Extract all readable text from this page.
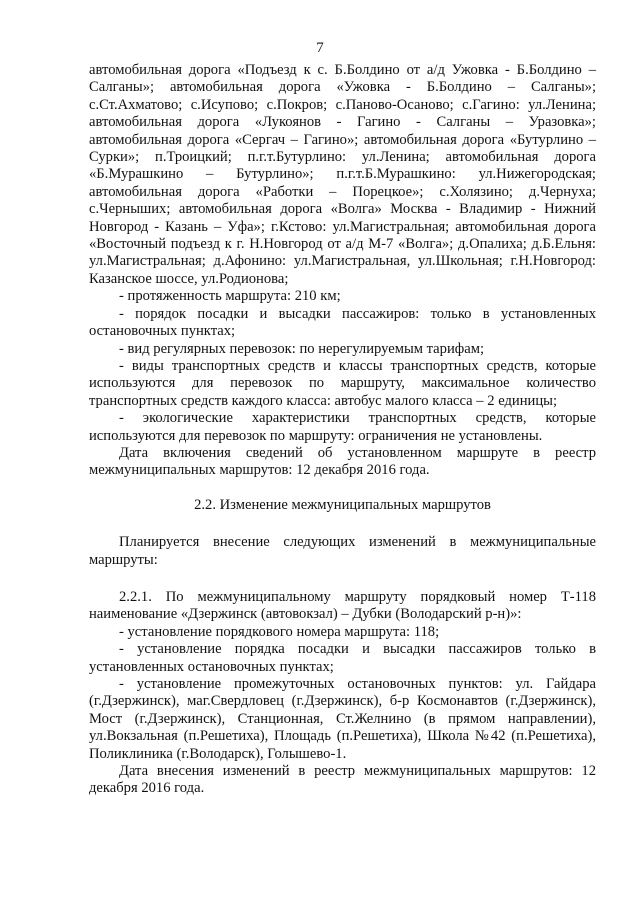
7

автомобильная дорога «Подъезд к с. Б.Болдино от а/д Ужовка - Б.Болдино – Салганы»; автомобильная дорога «Ужовка - Б.Болдино – Салганы»; с.Ст.Ахматово; с.Исупово; с.Покров; с.Паново-Осаново; с.Гагино: ул.Ленина; автомобильная дорога «Лукоянов - Гагино - Салганы – Уразовка»; автомобильная дорога «Сергач – Гагино»; автомобильная дорога «Бутурлино – Сурки»; п.Троицкий; п.г.т.Бутурлино: ул.Ленина; автомобильная дорога «Б.Мурашкино – Бутурлино»; п.г.т.Б.Мурашкино: ул.Нижегородская; автомобильная дорога «Работки – Порецкое»; с.Холязино; д.Чернуха; с.Черныших; автомобильная дорога «Волга» Москва - Владимир - Нижний Новгород - Казань – Уфа»; г.Кстово: ул.Магистральная; автомобильная дорога «Восточный подъезд к г. Н.Новгород от а/д М-7 «Волга»; д.Опалиха; д.Б.Ельня: ул.Магистральная; д.Афонино: ул.Магистральная, ул.Школьная; г.Н.Новгород: Казанское шоссе, ул.Родионова;

- протяженность маршрута: 210 км;

- порядок посадки и высадки пассажиров: только в установленных остановочных пунктах;

- вид регулярных перевозок: по нерегулируемым тарифам;

- виды транспортных средств и классы транспортных средств, которые используются для перевозок по маршруту, максимальное количество транспортных средств каждого класса: автобус малого класса – 2 единицы;

- экологические характеристики транспортных средств, которые используются для перевозок по маршруту: ограничения не установлены.

Дата включения сведений об установленном маршруте в реестр межмуниципальных маршрутов: 12 декабря 2016 года.

2.2. Изменение межмуниципальных маршрутов

Планируется внесение следующих изменений в межмуниципальные маршруты:

2.2.1. По межмуниципальному маршруту порядковый номер Т-118 наименование «Дзержинск (автовокзал) – Дубки (Володарский р-н)»:

- установление порядкового номера маршрута: 118;

- установление порядка посадки и высадки пассажиров только в установленных остановочных пунктах;

- установление промежуточных остановочных пунктов: ул. Гайдара (г.Дзержинск), маг.Свердловец (г.Дзержинск), б-р Космонавтов (г.Дзержинск), Мост (г.Дзержинск), Станционная, Ст.Желнино (в прямом направлении), ул.Вокзальная (п.Решетиха), Площадь (п.Решетиха), Школа №42 (п.Решетиха), Поликлиника (г.Володарск), Голышево-1.

Дата внесения изменений в реестр межмуниципальных маршрутов: 12 декабря 2016 года.
